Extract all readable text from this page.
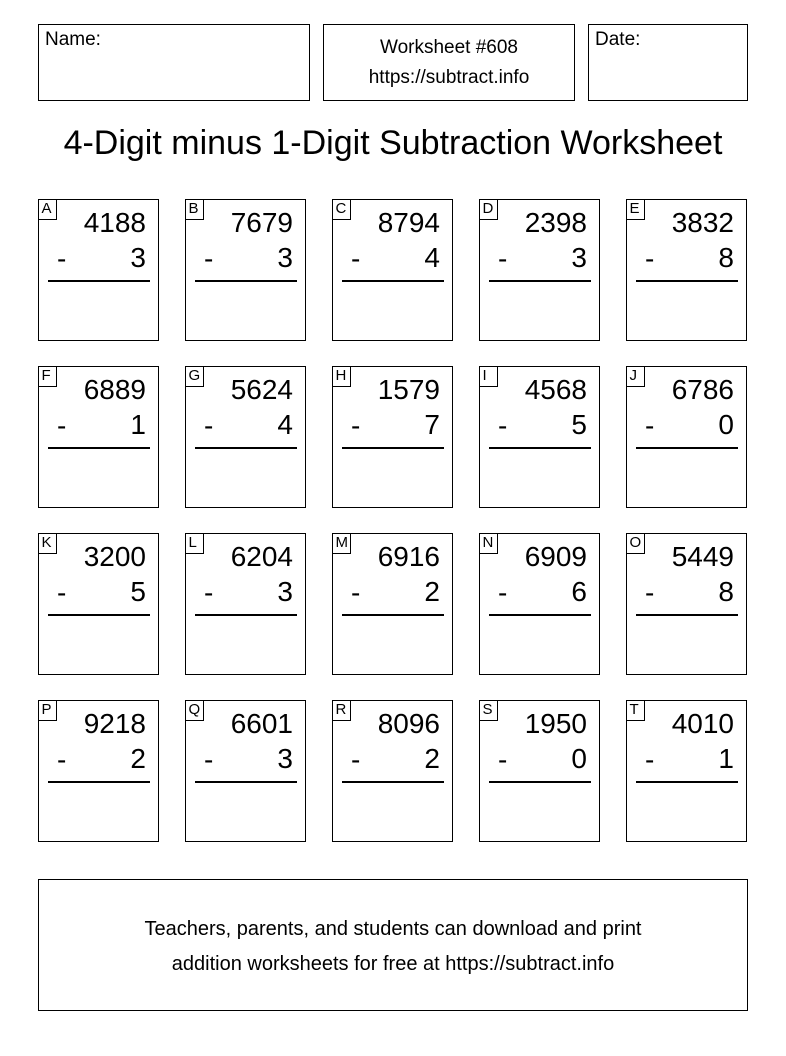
Name:	Worksheet #608
https://subtract.info
Date:
4-Digit minus 1-Digit Subtraction Worksheet
A 4188
- 3
B 7679
- 3
C 8794
- 4
D 2398
- 3
E 3832
- 8
F 6889
- 1
G 5624
- 4
H 1579
- 7
I	4568
- 5
J 6786
- 0
K 3200
- 5
L 6204
- 3
M 6916
- 2
N 6909
- 6
O 5449
- 8
P 9218
- 2
Q 6601
- 3
R 8096
- 2
S 1950
- 0
T 4010
- 1
Teachers, parents, and students can download and print
addition worksheets for free at https://subtract.info
